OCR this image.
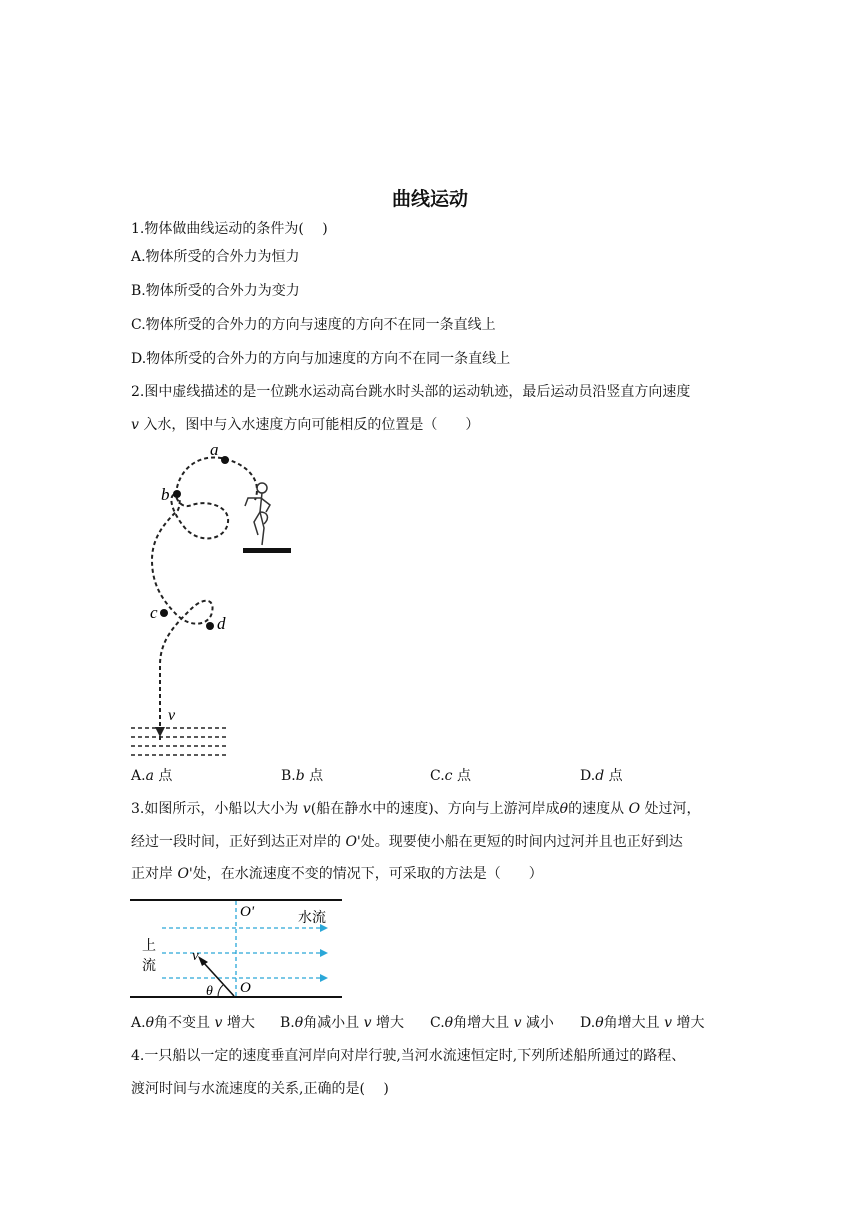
曲线运动
1.物体做曲线运动的条件为(　 )
A.物体所受的合外力为恒力
B.物体所受的合外力为变力
C.物体所受的合外力的方向与速度的方向不在同一条直线上
D.物体所受的合外力的方向与加速度的方向不在同一条直线上
2.图中虚线描述的是一位跳水运动高台跳水时头部的运动轨迹，最后运动员沿竖直方向速度
v 入水，图中与入水速度方向可能相反的位置是（　　）
a
b
c
d
v
A.a 点	B.b 点	C.c 点	D.d 点
3.如图所示，小船以大小为 v(船在静水中的速度)、方向与上游河岸成θ的速度从 O 处过河，
经过一段时间，正好到达正对岸的 O'处。现要使小船在更短的时间内过河并且也正好到达
正对岸 O'处，在水流速度不变的情况下，可采取的方法是（　　）
O'	水流
上
流
v
θ O
A.θ角不变且 v 增大 B.θ角减小且 v 增大 C.θ角增大且 v 减小 D.θ角增大且 v 增大
4.一只船以一定的速度垂直河岸向对岸行驶,当河水流速恒定时,下列所述船所通过的路程、
渡河时间与水流速度的关系,正确的是(　 )
